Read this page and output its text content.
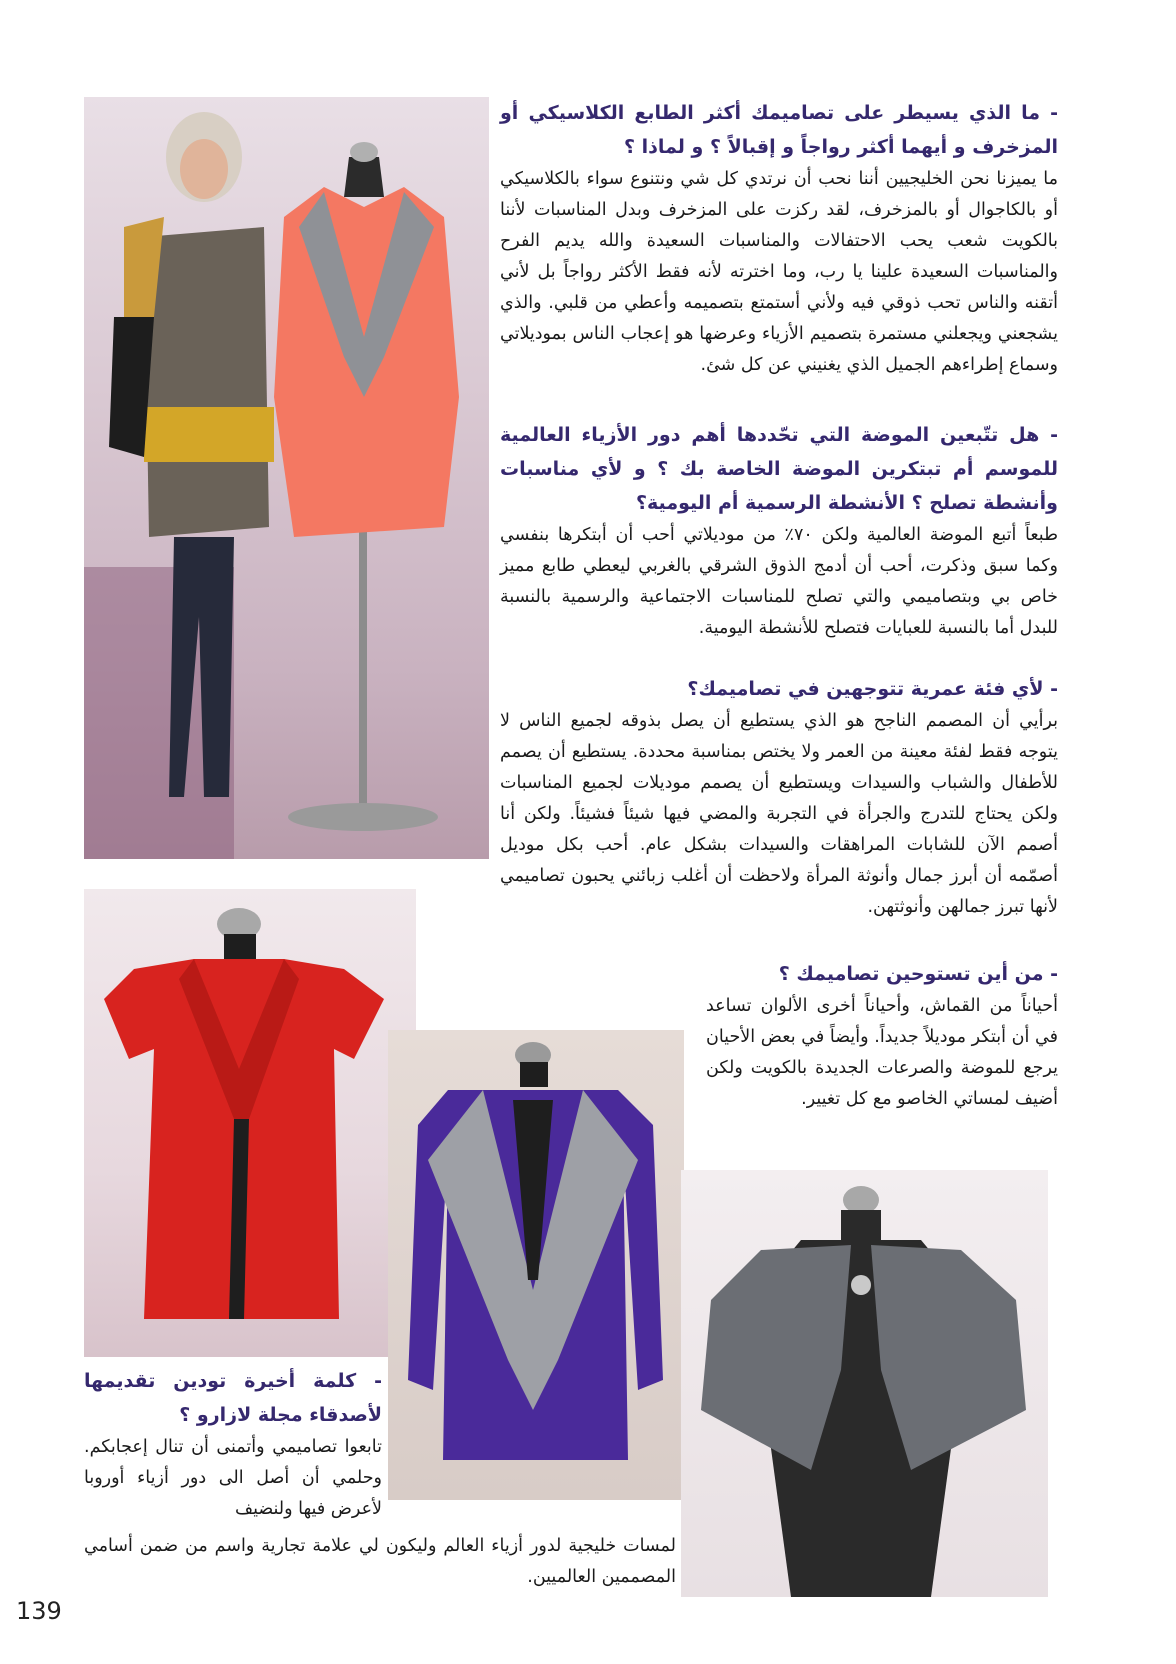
- ما الذي يسيطر على تصاميمك أكثر الطابع الكلاسيكي أو المزخرف و أيهما أكثر رواجاً و إقبالاً ؟ و لماذا ؟

ما يميزنا نحن الخليجيين أننا نحب أن نرتدي كل شي ونتنوع سواء بالكلاسيكي أو بالكاجوال أو بالمزخرف، لقد ركزت على المزخرف وبدل المناسبات لأننا بالكويت شعب يحب الاحتفالات والمناسبات السعيدة والله يديم الفرح والمناسبات السعيدة علينا يا رب، وما اخترته لأنه فقط الأكثر رواجاً بل لأني أتقنه والناس تحب ذوقي فيه ولأني أستمتع بتصميمه وأعطي من قلبي. والذي يشجعني ويجعلني مستمرة بتصميم الأزياء وعرضها هو إعجاب الناس بموديلاتي وسماع إطراءهم الجميل الذي يغنيني عن كل شئ.

- هل تتّبعين الموضة التي تحّددها أهم دور الأزياء العالمية للموسم أم تبتكرين الموضة الخاصة بك ؟ و لأي مناسبات وأنشطة تصلح ؟ الأنشطة الرسمية أم اليومية؟

طبعاً أتبع الموضة العالمية ولكن ٧٠٪ من موديلاتي أحب أن أبتكرها بنفسي وكما سبق وذكرت، أحب أن أدمج الذوق الشرقي بالغربي ليعطي طابع مميز خاص بي وبتصاميمي والتي تصلح للمناسبات الاجتماعية والرسمية بالنسبة للبدل أما بالنسبة للعبايات فتصلح للأنشطة اليومية.

- لأي فئة عمرية تتوجهين في تصاميمك؟

برأيي أن المصمم الناجح هو الذي يستطيع أن يصل بذوقه لجميع الناس لا يتوجه فقط لفئة معينة من العمر ولا يختص بمناسبة محددة. يستطيع أن يصمم للأطفال والشباب والسيدات ويستطيع أن يصمم موديلات لجميع المناسبات ولكن يحتاج للتدرج والجرأة في التجربة والمضي فيها شيئاً فشيئاً. ولكن أنا أصمم الآن للشابات المراهقات والسيدات بشكل عام. أحب بكل موديل أصمّمه أن أبرز جمال وأنوثة المرأة ولاحظت أن أغلب زبائني يحبون تصاميمي لأنها تبرز جمالهن وأنوثتهن.

- من أين تستوحين تصاميمك ؟

أحياناً من القماش، وأحياناً أخرى الألوان تساعد في أن أبتكر موديلاً جديداً. وأيضاً في بعض الأحيان يرجع للموضة والصرعات الجديدة بالكويت ولكن أضيف لمساتي الخاصو مع كل تغيير.

- كلمة أخيرة تودين تقديمها لأصدقاء مجلة لازارو ؟

تابعوا تصاميمي وأتمنى أن تنال إعجابكم. وحلمي أن أصل الى دور أزياء أوروبا لأعرض فيها ولنضيف

لمسات خليجية لدور أزياء العالم وليكون لي علامة تجارية واسم من ضمن أسامي المصممين العالميين.

139
